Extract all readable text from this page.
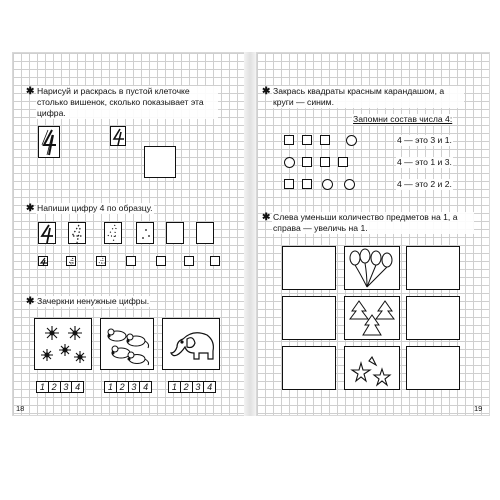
✱ Нарисуй и раскрась в пустой клеточке столько вишенок, сколько показывает эта цифра.
✱ Напиши цифру 4 по образцу.
✱ Зачеркни ненужные цифры.
1 2 3 4	1 2 3 4	1 2 3 4
18
✱ Закрась квадраты красным карандашом, а круги — синим.
Запомни состав числа 4:
4 — это 3 и 1.
4 — это 1 и 3.
4 — это 2 и 2.
✱ Слева уменьши количество предметов на 1, а справа — увеличь на 1.
19
